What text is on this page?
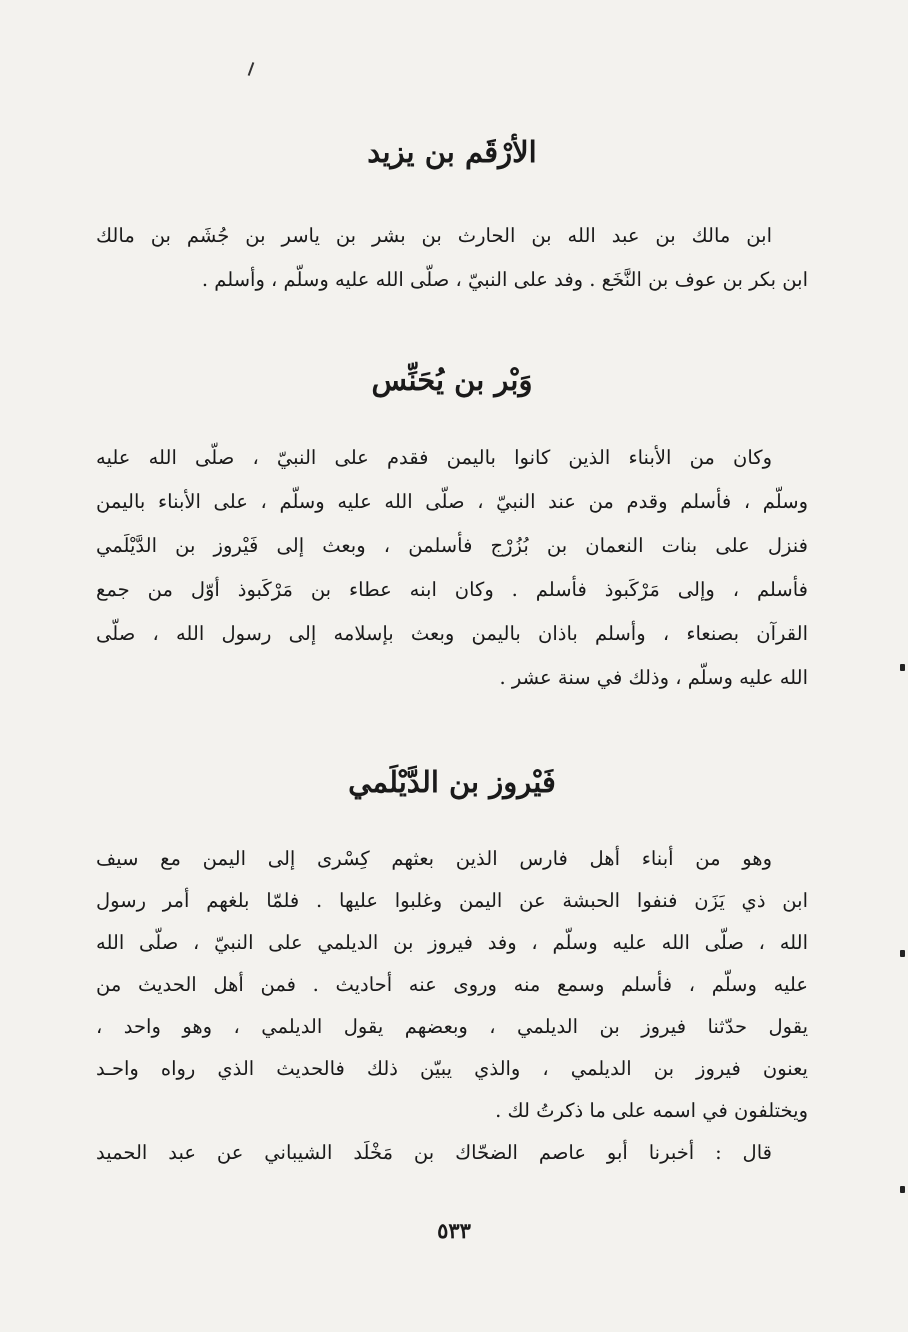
الأرْقَم بن يزيد
ابن مالك بن عبد الله بن الحارث بن بشر بن ياسر بن جُشَم بن مالك
ابن بكر بن عوف بن النَّخَع . وفد على النبيّ ، صلّى الله عليه وسلّم ، وأسلم .
وَبْر بن يُحَنِّس
وكان من الأبناء الذين كانوا باليمن فقدم على النبيّ ، صلّى الله عليه
وسلّم ، فأسلم وقدم من عند النبيّ ، صلّى الله عليه وسلّم ، على الأبناء باليمن
فنزل على بنات النعمان بن بُزُرْج فأسلمن ، وبعث إلى فَيْروز بن الدَّيْلَمي
فأسلم ، وإلى مَرْكَبوذ فأسلم . وكان ابنه عطاء بن مَرْكَبوذ أوّل من جمع
القرآن بصنعاء ، وأسلم باذان باليمن وبعث بإسلامه إلى رسول الله ، صلّى
الله عليه وسلّم ، وذلك في سنة عشر .
فَيْروز بن الدَّيْلَمي
وهو من أبناء أهل فارس الذين بعثهم كِسْرى إلى اليمن مع سيف
ابن ذي يَزَن فنفوا الحبشة عن اليمن وغلبوا عليها . فلمّا بلغهم أمر رسول
الله ، صلّى الله عليه وسلّم ، وفد فيروز بن الديلمي على النبيّ ، صلّى الله
عليه وسلّم ، فأسلم وسمع منه وروى عنه أحاديث . فمن أهل الحديث من
يقول حدّثنا فيروز بن الديلمي ، وبعضهم يقول الديلمي ، وهو واحد ،
يعنون فيروز بن الديلمي ، والذي يبيّن ذلك فالحديث الذي رواه واحـد
ويختلفون في اسمه على ما ذكرتُ لك .
قال : أخبرنا أبو عاصم الضحّاك بن مَخْلَد الشيباني عن عبد الحميد
٥٣٣
